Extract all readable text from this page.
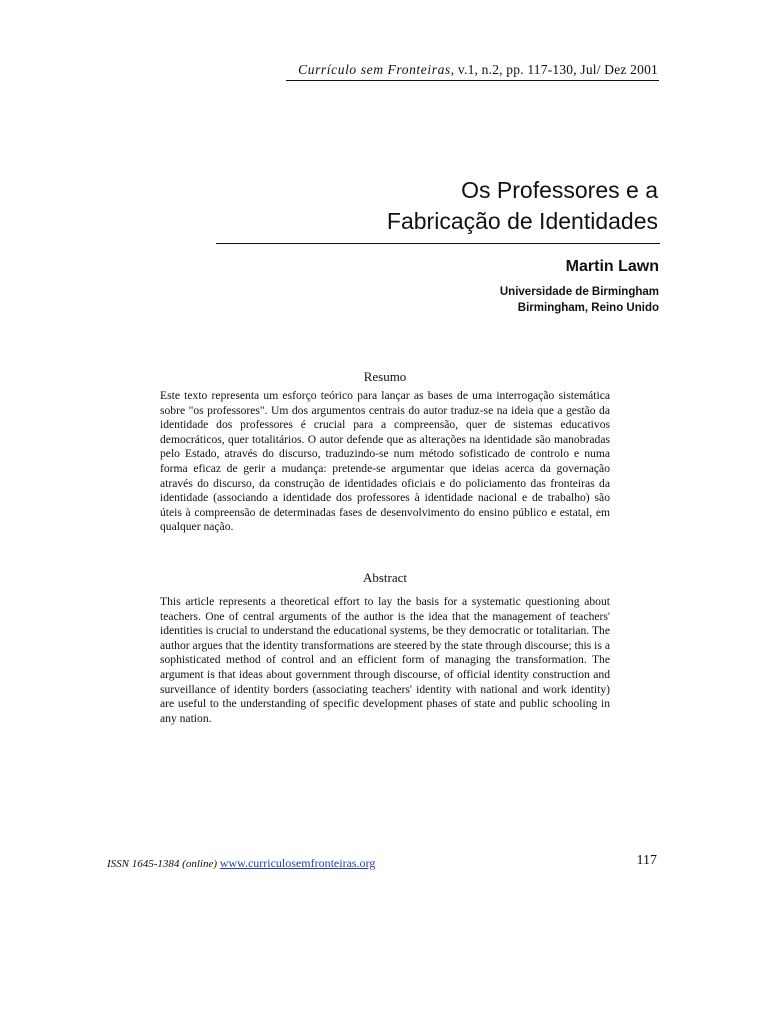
Currículo sem Fronteiras, v.1, n.2, pp. 117-130, Jul/ Dez 2001
Os Professores e a
Fabricação de Identidades
Martin Lawn
Universidade de Birmingham
Birmingham, Reino Unido
Resumo

Este texto representa um esforço teórico para lançar as bases de uma interrogação sistemática sobre "os professores". Um dos argumentos centrais do autor traduz-se na ideia que a gestão da identidade dos professores é crucial para a compreensão, quer de sistemas educativos democráticos, quer totalitários. O autor defende que as alterações na identidade são manobradas pelo Estado, através do discurso, traduzindo-se num método sofisticado de controlo e numa forma eficaz de gerir a mudança: pretende-se argumentar que ideias acerca da governação através do discurso, da construção de identidades oficiais e do policiamento das fronteiras da identidade (associando a identidade dos professores à identidade nacional e de trabalho) são úteis à compreensão de determinadas fases de desenvolvimento do ensino público e estatal, em qualquer nação.

Abstract

This article represents a theoretical effort to lay the basis for a systematic questioning about teachers. One of central arguments of the author is the idea that the management of teachers' identities is crucial to understand the educational systems, be they democratic or totalitarian. The author argues that the identity transformations are steered by the state through discourse; this is a sophisticated method of control and an efficient form of managing the transformation. The argument is that ideas about government through discourse, of official identity construction and surveillance of identity borders (associating teachers' identity with national and work identity) are useful to the understanding of specific development phases of state and public schooling in any nation.

ISSN 1645-1384 (online) www.curriculosemfronteiras.org	117
